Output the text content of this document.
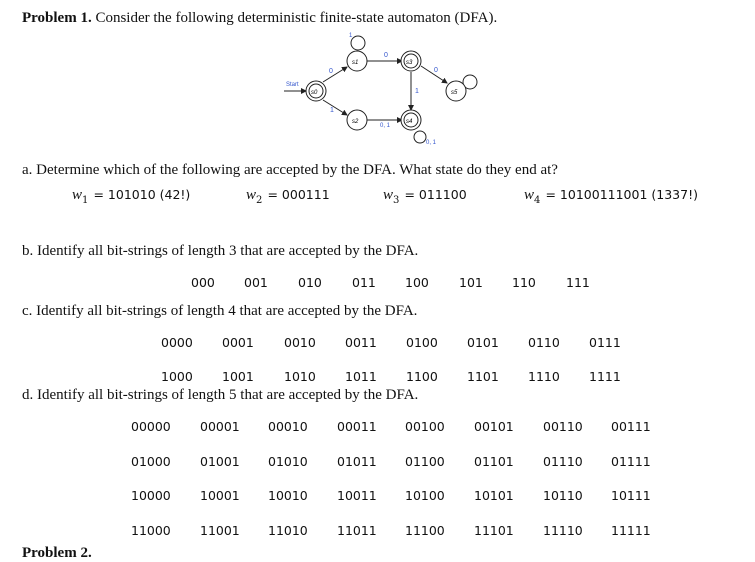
Problem 1. Consider the following deterministic finite-state automaton (DFA).
Start
0
1
0
0, 1
1
0
1
0, 1
s0
s1
s2
s3
s4
s5
a. Determine which of the following are accepted by the DFA. What state do they end at?
$w_1 = 101010$ (42!)	$w_2 = 000111$	$w_3 = 011100$	$w_4 = 10100111001$ (1337!)
b. Identify all bit-strings of length 3 that are accepted by the DFA.
000 001 010 011 100 101 110 111
c. Identify all bit-strings of length 4 that are accepted by the DFA.
0000 0001 0010 0011 0100 0101 0110 0111
1000 1001 1010 1011 1100 1101 1110 1111
d. Identify all bit-strings of length 5 that are accepted by the DFA.
00000 00001 00010 00011 00100 00101 00110 00111
01000 01001 01010 01011 01100 01101 01110 01111
10000 10001 10010 10011 10100 10101 10110 10111
11000 11001 11010 11011 11100 11101 11110 11111
Problem 2.
